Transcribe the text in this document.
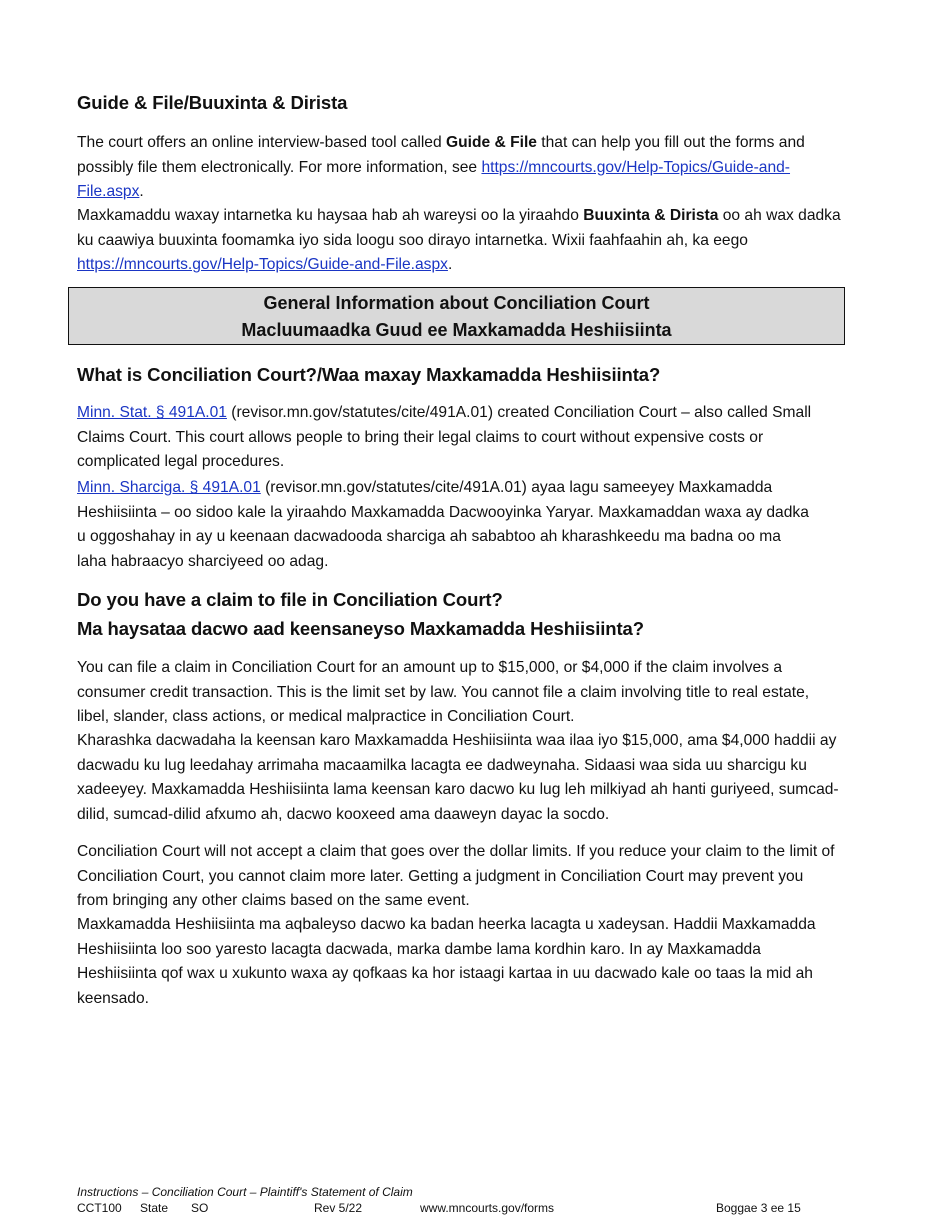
Guide & File/Buuxinta & Dirista

The court offers an online interview-based tool called Guide & File that can help you fill out the forms and possibly file them electronically. For more information, see https://mncourts.gov/Help-Topics/Guide-and-File.aspx.

Maxkamaddu waxay intarnetka ku haysaa hab ah wareysi oo la yiraahdo Buuxinta & Dirista oo ah wax dadka ku caawiya buuxinta foomamka iyo sida loogu soo dirayo intarnetka. Wixii faahfaahin ah, ka eego https://mncourts.gov/Help-Topics/Guide-and-File.aspx.

General Information about Conciliation Court
Macluumaadka Guud ee Maxkamadda Heshiisiinta
What is Conciliation Court?/Waa maxay Maxkamadda Heshiisiinta?

Minn. Stat. § 491A.01 (revisor.mn.gov/statutes/cite/491A.01) created Conciliation Court – also called Small Claims Court. This court allows people to bring their legal claims to court without expensive costs or complicated legal procedures.

Minn. Sharciga. § 491A.01 (revisor.mn.gov/statutes/cite/491A.01) ayaa lagu sameeyey Maxkamadda Heshiisiinta – oo sidoo kale la yiraahdo Maxkamadda Dacwooyinka Yaryar. Maxkamaddan waxa ay dadka u oggoshahay in ay u keenaan dacwadooda sharciga ah sababtoo ah kharashkeedu ma badna oo ma laha habraacyo sharciyeed oo adag.

Do you have a claim to file in Conciliation Court?
Ma haysataa dacwo aad keensaneyso Maxkamadda Heshiisiinta?

You can file a claim in Conciliation Court for an amount up to $15,000, or $4,000 if the claim involves a consumer credit transaction. This is the limit set by law. You cannot file a claim involving title to real estate, libel, slander, class actions, or medical malpractice in Conciliation Court.

Kharashka dacwadaha la keensan karo Maxkamadda Heshiisiinta waa ilaa iyo $15,000, ama $4,000 haddii ay dacwadu ku lug leedahay arrimaha macaamilka lacagta ee dadweynaha. Sidaasi waa sida uu sharcigu ku xadeeyey. Maxkamadda Heshiisiinta lama keensan karo dacwo ku lug leh milkiyad ah hanti guriyeed, sumcad-dilid, sumcad-dilid afxumo ah, dacwo kooxeed ama daaweyn dayac la socdo.

Conciliation Court will not accept a claim that goes over the dollar limits. If you reduce your claim to the limit of Conciliation Court, you cannot claim more later. Getting a judgment in Conciliation Court may prevent you from bringing any other claims based on the same event.

Maxkamadda Heshiisiinta ma aqbaleyso dacwo ka badan heerka lacagta u xadeysan. Haddii Maxkamadda Heshiisiinta loo soo yaresto lacagta dacwada, marka dambe lama kordhin karo. In ay Maxkamadda Heshiisiinta qof wax u xukunto waxa ay qofkaas ka hor istaagi kartaa in uu dacwado kale oo taas la mid ah keensado.

Instructions – Conciliation Court – Plaintiff's Statement of Claim
CCT100 State SO	Rev 5/22	www.mncourts.gov/forms	Boggae 3 ee 15
